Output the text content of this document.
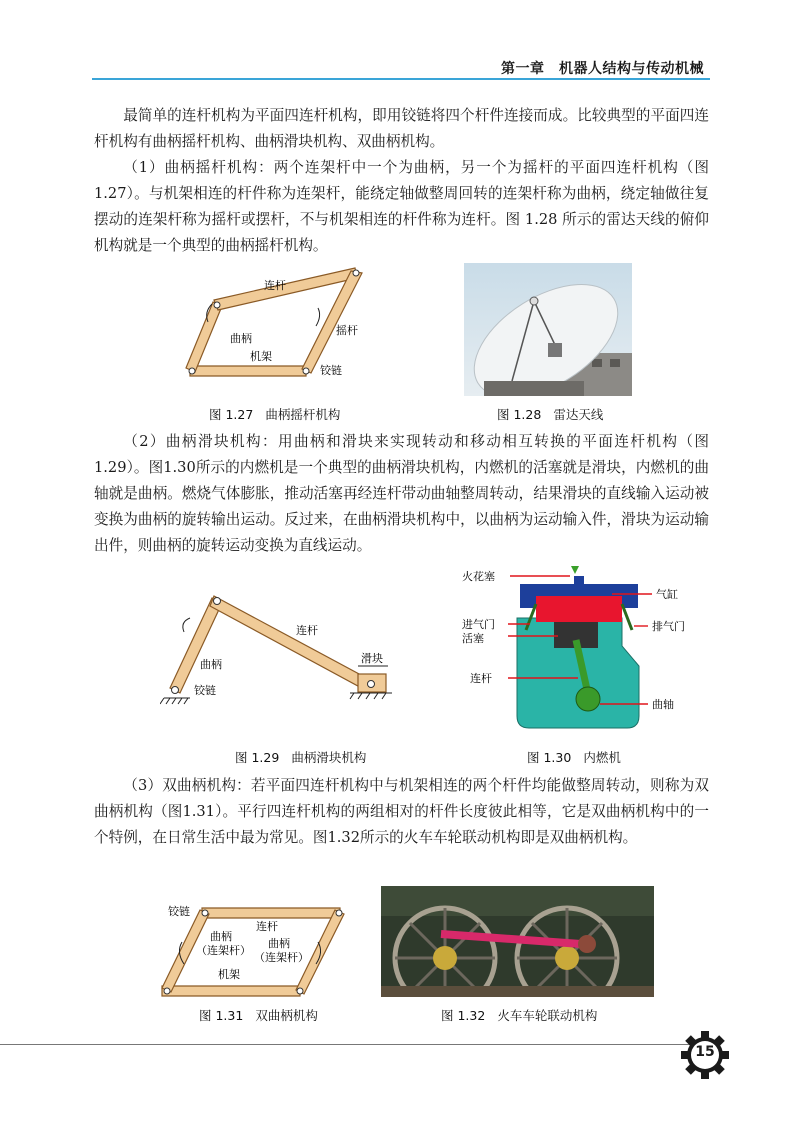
第一章　机器人结构与传动机械

最简单的连杆机构为平面四连杆机构，即用铰链将四个杆件连接而成。比较典型的平面四连杆机构有曲柄摇杆机构、曲柄滑块机构、双曲柄机构。

（1）曲柄摇杆机构：两个连架杆中一个为曲柄，另一个为摇杆的平面四连杆机构（图1.27）。与机架相连的杆件称为连架杆，能绕定轴做整周回转的连架杆称为曲柄，绕定轴做往复摆动的连架杆称为摇杆或摆杆，不与机架相连的杆件称为连杆。图 1.28 所示的雷达天线的俯仰机构就是一个典型的曲柄摇杆机构。

连杆
曲柄
摇杆
机架
铰链
图 1.27 曲柄摇杆机构	图 1.28 雷达天线

（2）曲柄滑块机构：用曲柄和滑块来实现转动和移动相互转换的平面连杆机构（图1.29）。图1.30所示的内燃机是一个典型的曲柄滑块机构，内燃机的活塞就是滑块，内燃机的曲轴就是曲柄。燃烧气体膨胀，推动活塞再经连杆带动曲轴整周转动，结果滑块的直线输入运动被变换为曲柄的旋转输出运动。反过来，在曲柄滑块机构中，以曲柄为运动输入件，滑块为运动输出件，则曲柄的旋转运动变换为直线运动。

连杆
曲柄	滑块
铰链
图 1.29 曲柄滑块机构
火花塞
气缸
进气门
活塞
排气门
连杆
曲轴
图 1.30 内燃机

（3）双曲柄机构：若平面四连杆机构中与机架相连的两个杆件均能做整周转动，则称为双曲柄机构（图1.31）。平行四连杆机构的两组相对的杆件长度彼此相等，它是双曲柄机构中的一个特例，在日常生活中最为常见。图1.32所示的火车车轮联动机构即是双曲柄机构。

铰链
曲柄
（连架杆）
连杆
曲柄
（连架杆）
机架
图 1.31 双曲柄机构	图 1.32 火车车轮联动机构
15
